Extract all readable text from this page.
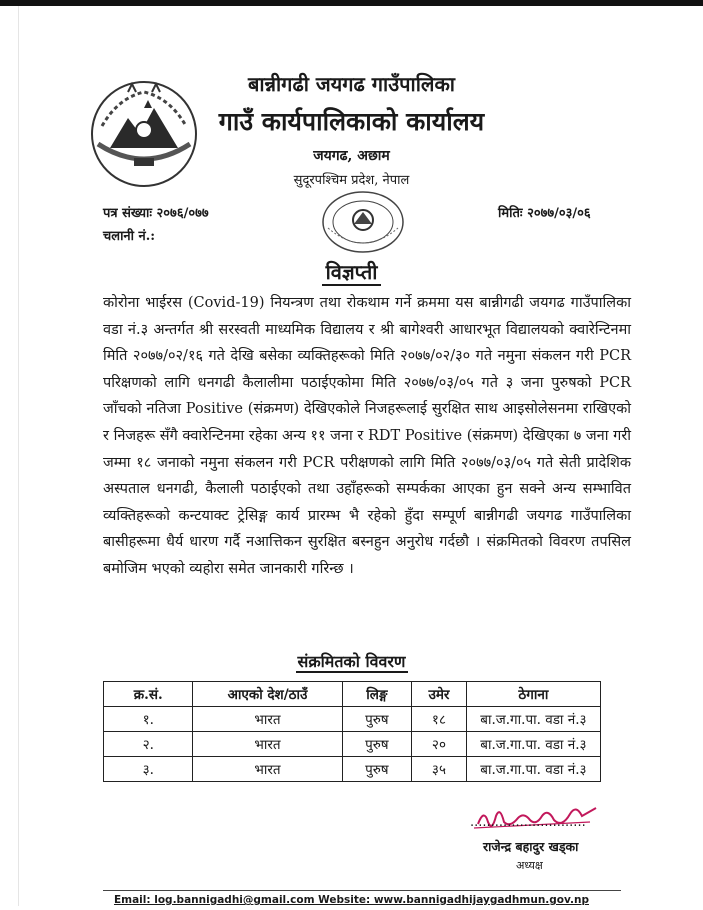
बान्नीगढी जयगढ गाउँपालिका
गाउँ कार्यपालिकाको कार्यालय
जयगढ, अछाम
सुदूरपश्चिम प्रदेश, नेपाल
पत्र संख्याः २०७६/०७७
चलानी नं.:
मितिः २०७७/०३/०६
विज्ञप्ती
कोरोना भाईरस (Covid-19) नियन्त्रण तथा रोकथाम गर्ने क्रममा यस बान्नीगढी जयगढ गाउँपालिका वडा नं.३ अन्तर्गत श्री सरस्वती माध्यमिक विद्यालय र श्री बागेश्वरी आधारभूत विद्यालयको क्वारेन्टिनमा मिति २०७७/०२/१६ गते देखि बसेका व्यक्तिहरूको मिति २०७७/०२/३० गते नमुना संकलन गरी PCR परिक्षणको लागि धनगढी कैलालीमा पठाईएकोमा मिति २०७७/०३/०५ गते ३ जना पुरुषको PCR जाँचको नतिजा Positive (संक्रमण) देखिएकोले निजहरूलाई सुरक्षित साथ आइसोलेसनमा राखिएको र निजहरू सँगै क्वारेन्टिनमा रहेका अन्य ११ जना र RDT Positive (संक्रमण) देखिएका ७ जना गरी जम्मा १८ जनाको नमुना संकलन गरी PCR परीक्षणको लागि मिति २०७७/०३/०५ गते सेती प्रादेशिक अस्पताल धनगढी, कैलाली पठाईएको तथा उहाँहरूको सम्पर्कका आएका हुन सक्ने अन्य सम्भावित व्यक्तिहरूको कन्टयाक्ट ट्रेसिङ्ग कार्य प्रारम्भ भै रहेको हुँदा सम्पूर्ण बान्नीगढी जयगढ गाउँपालिका बासीहरूमा धैर्य धारण गर्दै नआत्तिकन सुरक्षित बस्नहुन अनुरोध गर्दछौ । संक्रमितको विवरण तपसिल बमोजिम भएको व्यहोरा समेत जानकारी गरिन्छ ।
संक्रमितको विवरण
क्र.सं.	आएको देश/ठाउँ	लिङ्ग	उमेर	ठेगाना
१.	भारत	पुरुष	१८	बा.ज.गा.पा. वडा नं.३
२.	भारत	पुरुष	२०	बा.ज.गा.पा. वडा नं.३
३.	भारत	पुरुष	३५	बा.ज.गा.पा. वडा नं.३
............................
राजेन्द्र बहादुर खड्का
अध्यक्ष
Email: log.bannigadhi@gmail.com Website: www.bannigadhijaygadhmun.gov.np
